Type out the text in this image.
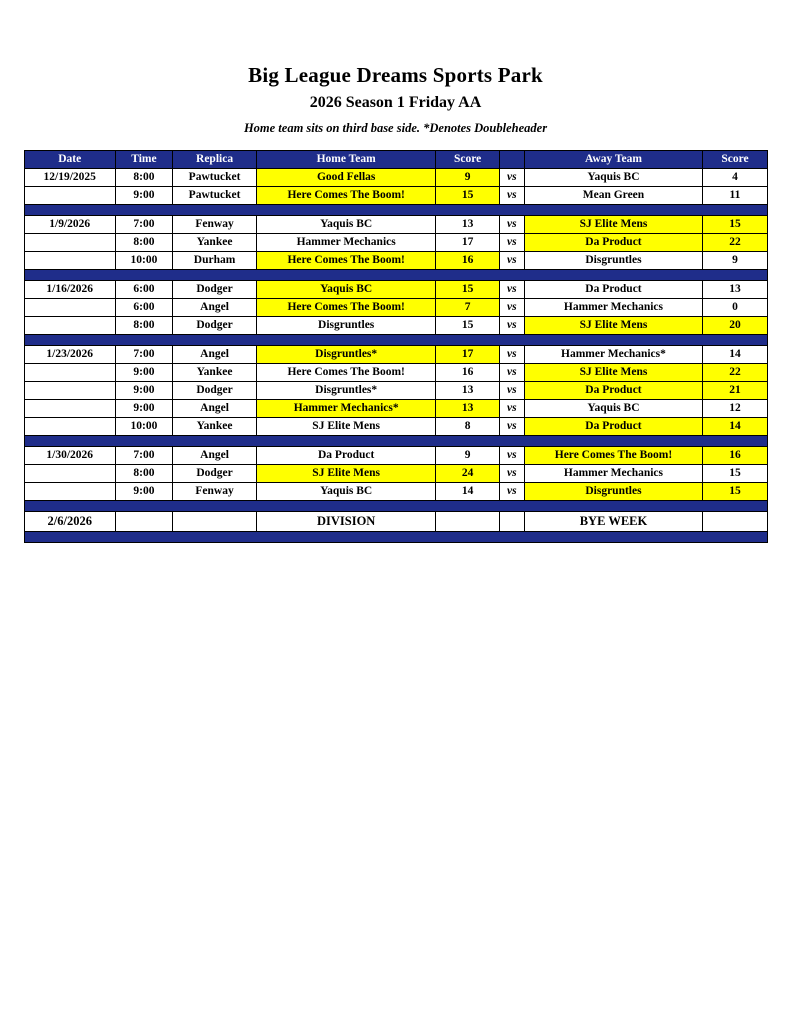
Big League Dreams Sports Park
2026 Season 1 Friday AA
Home team sits on third base side. *Denotes Doubleheader
Date	Time	Replica	Home Team	Score		Away Team	Score
12/19/2025	8:00	Pawtucket	Good Fellas	9	vs	Yaquis BC	4
	9:00	Pawtucket	Here Comes The Boom!	15	vs	Mean Green	11

1/9/2026	7:00	Fenway	Yaquis BC	13	vs	SJ Elite Mens	15
	8:00	Yankee	Hammer Mechanics	17	vs	Da Product	22
	10:00	Durham	Here Comes The Boom!	16	vs	Disgruntles	9

1/16/2026	6:00	Dodger	Yaquis BC	15	vs	Da Product	13
	6:00	Angel	Here Comes The Boom!	7	vs	Hammer Mechanics	0
	8:00	Dodger	Disgruntles	15	vs	SJ Elite Mens	20

1/23/2026	7:00	Angel	Disgruntles*	17	vs	Hammer Mechanics*	14
	9:00	Yankee	Here Comes The Boom!	16	vs	SJ Elite Mens	22
	9:00	Dodger	Disgruntles*	13	vs	Da Product	21
	9:00	Angel	Hammer Mechanics*	13	vs	Yaquis BC	12
	10:00	Yankee	SJ Elite Mens	8	vs	Da Product	14

1/30/2026	7:00	Angel	Da Product	9	vs	Here Comes The Boom!	16
	8:00	Dodger	SJ Elite Mens	24	vs	Hammer Mechanics	15
	9:00	Fenway	Yaquis BC	14	vs	Disgruntles	15

2/6/2026			DIVISION			BYE WEEK	
